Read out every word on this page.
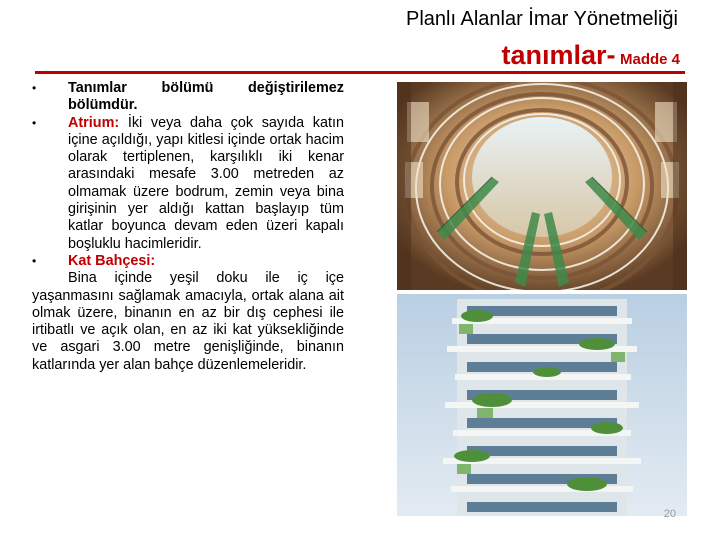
Planlı Alanlar İmar Yönetmeliği
tanımlar- Madde 4
•	Tanımlar bölümü değiştirilemez bölümdür.
•	Atrium: İki veya daha çok sayıda katın içine açıldığı, yapı kitlesi içinde ortak hacim olarak tertiplenen, karşılıklı iki kenar arasındaki mesafe 3.00 metreden az olmamak üzere bodrum, zemin veya bina girişinin yer aldığı kattan başlayıp tüm katlar boyunca devam eden üzeri kapalı boşluklu hacimleridir.
•	Kat Bahçesi:
Bina içinde yeşil doku ile iç içe yaşanmasını sağlamak amacıyla, ortak alana ait olmak üzere, binanın en az bir dış cephesi ile irtibatlı ve açık olan, en az iki kat yüksekliğinde ve asgari 3.00 metre genişliğinde, binanın katlarında yer alan bahçe düzenlemeleridir.
20
